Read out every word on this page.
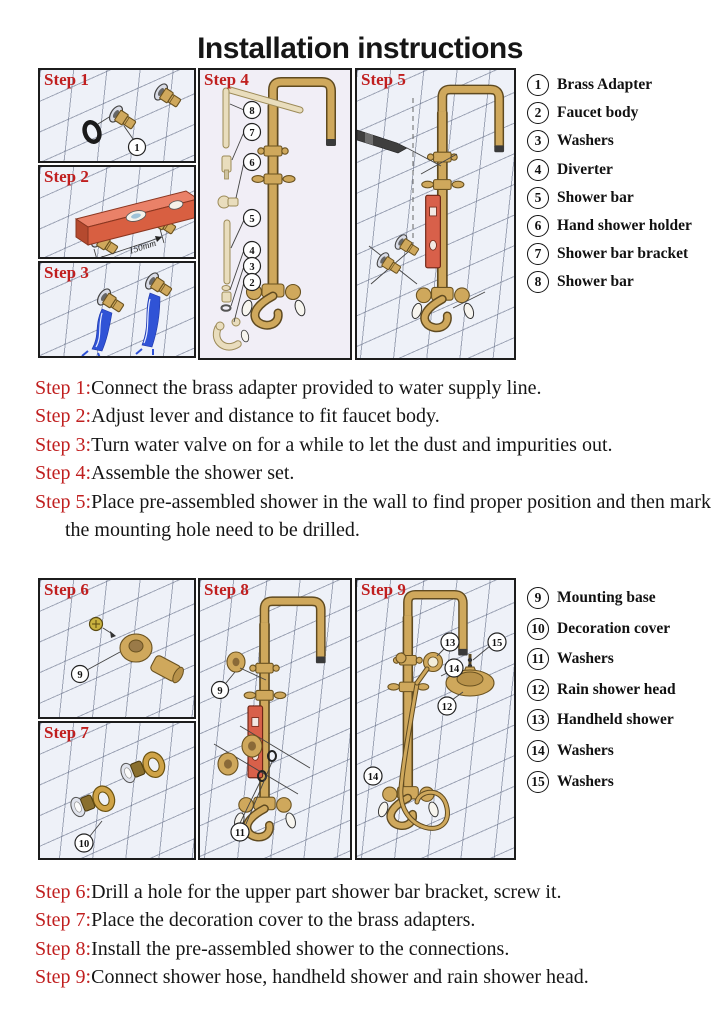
Installation instructions
Step 1
1
Step 2
150mm
Step 3
Step 4
8
7
6
5
4
3
2
Step 5	1	Brass Adapter
2	Faucet body
3	Washers
4	Diverter
5	Shower bar
6	Hand shower holder
7	Shower bar bracket
8	Shower bar
Step 1:Connect the brass adapter provided to water supply line.
Step 2:Adjust lever and distance to fit faucet body.
Step 3:Turn water valve on for a while to let the dust and impurities out.
Step 4:Assemble the shower set.
Step 5:Place pre-assembled shower in the wall to find proper position and then mark the mounting hole need to be drilled.
Step 6
9
Step 7
10
Step 8
9
11
Step 9
13
14
15
12
14
9	Mounting base
10 Decoration cover
11 Washers
12 Rain shower head
13 Handheld shower
14 Washers
15 Washers
Step 6:Drill a hole for the upper part shower bar bracket, screw it.
Step 7:Place the decoration cover to the brass adapters.
Step 8:Install the pre-assembled shower to the connections.
Step 9:Connect shower hose, handheld shower and rain shower head.
